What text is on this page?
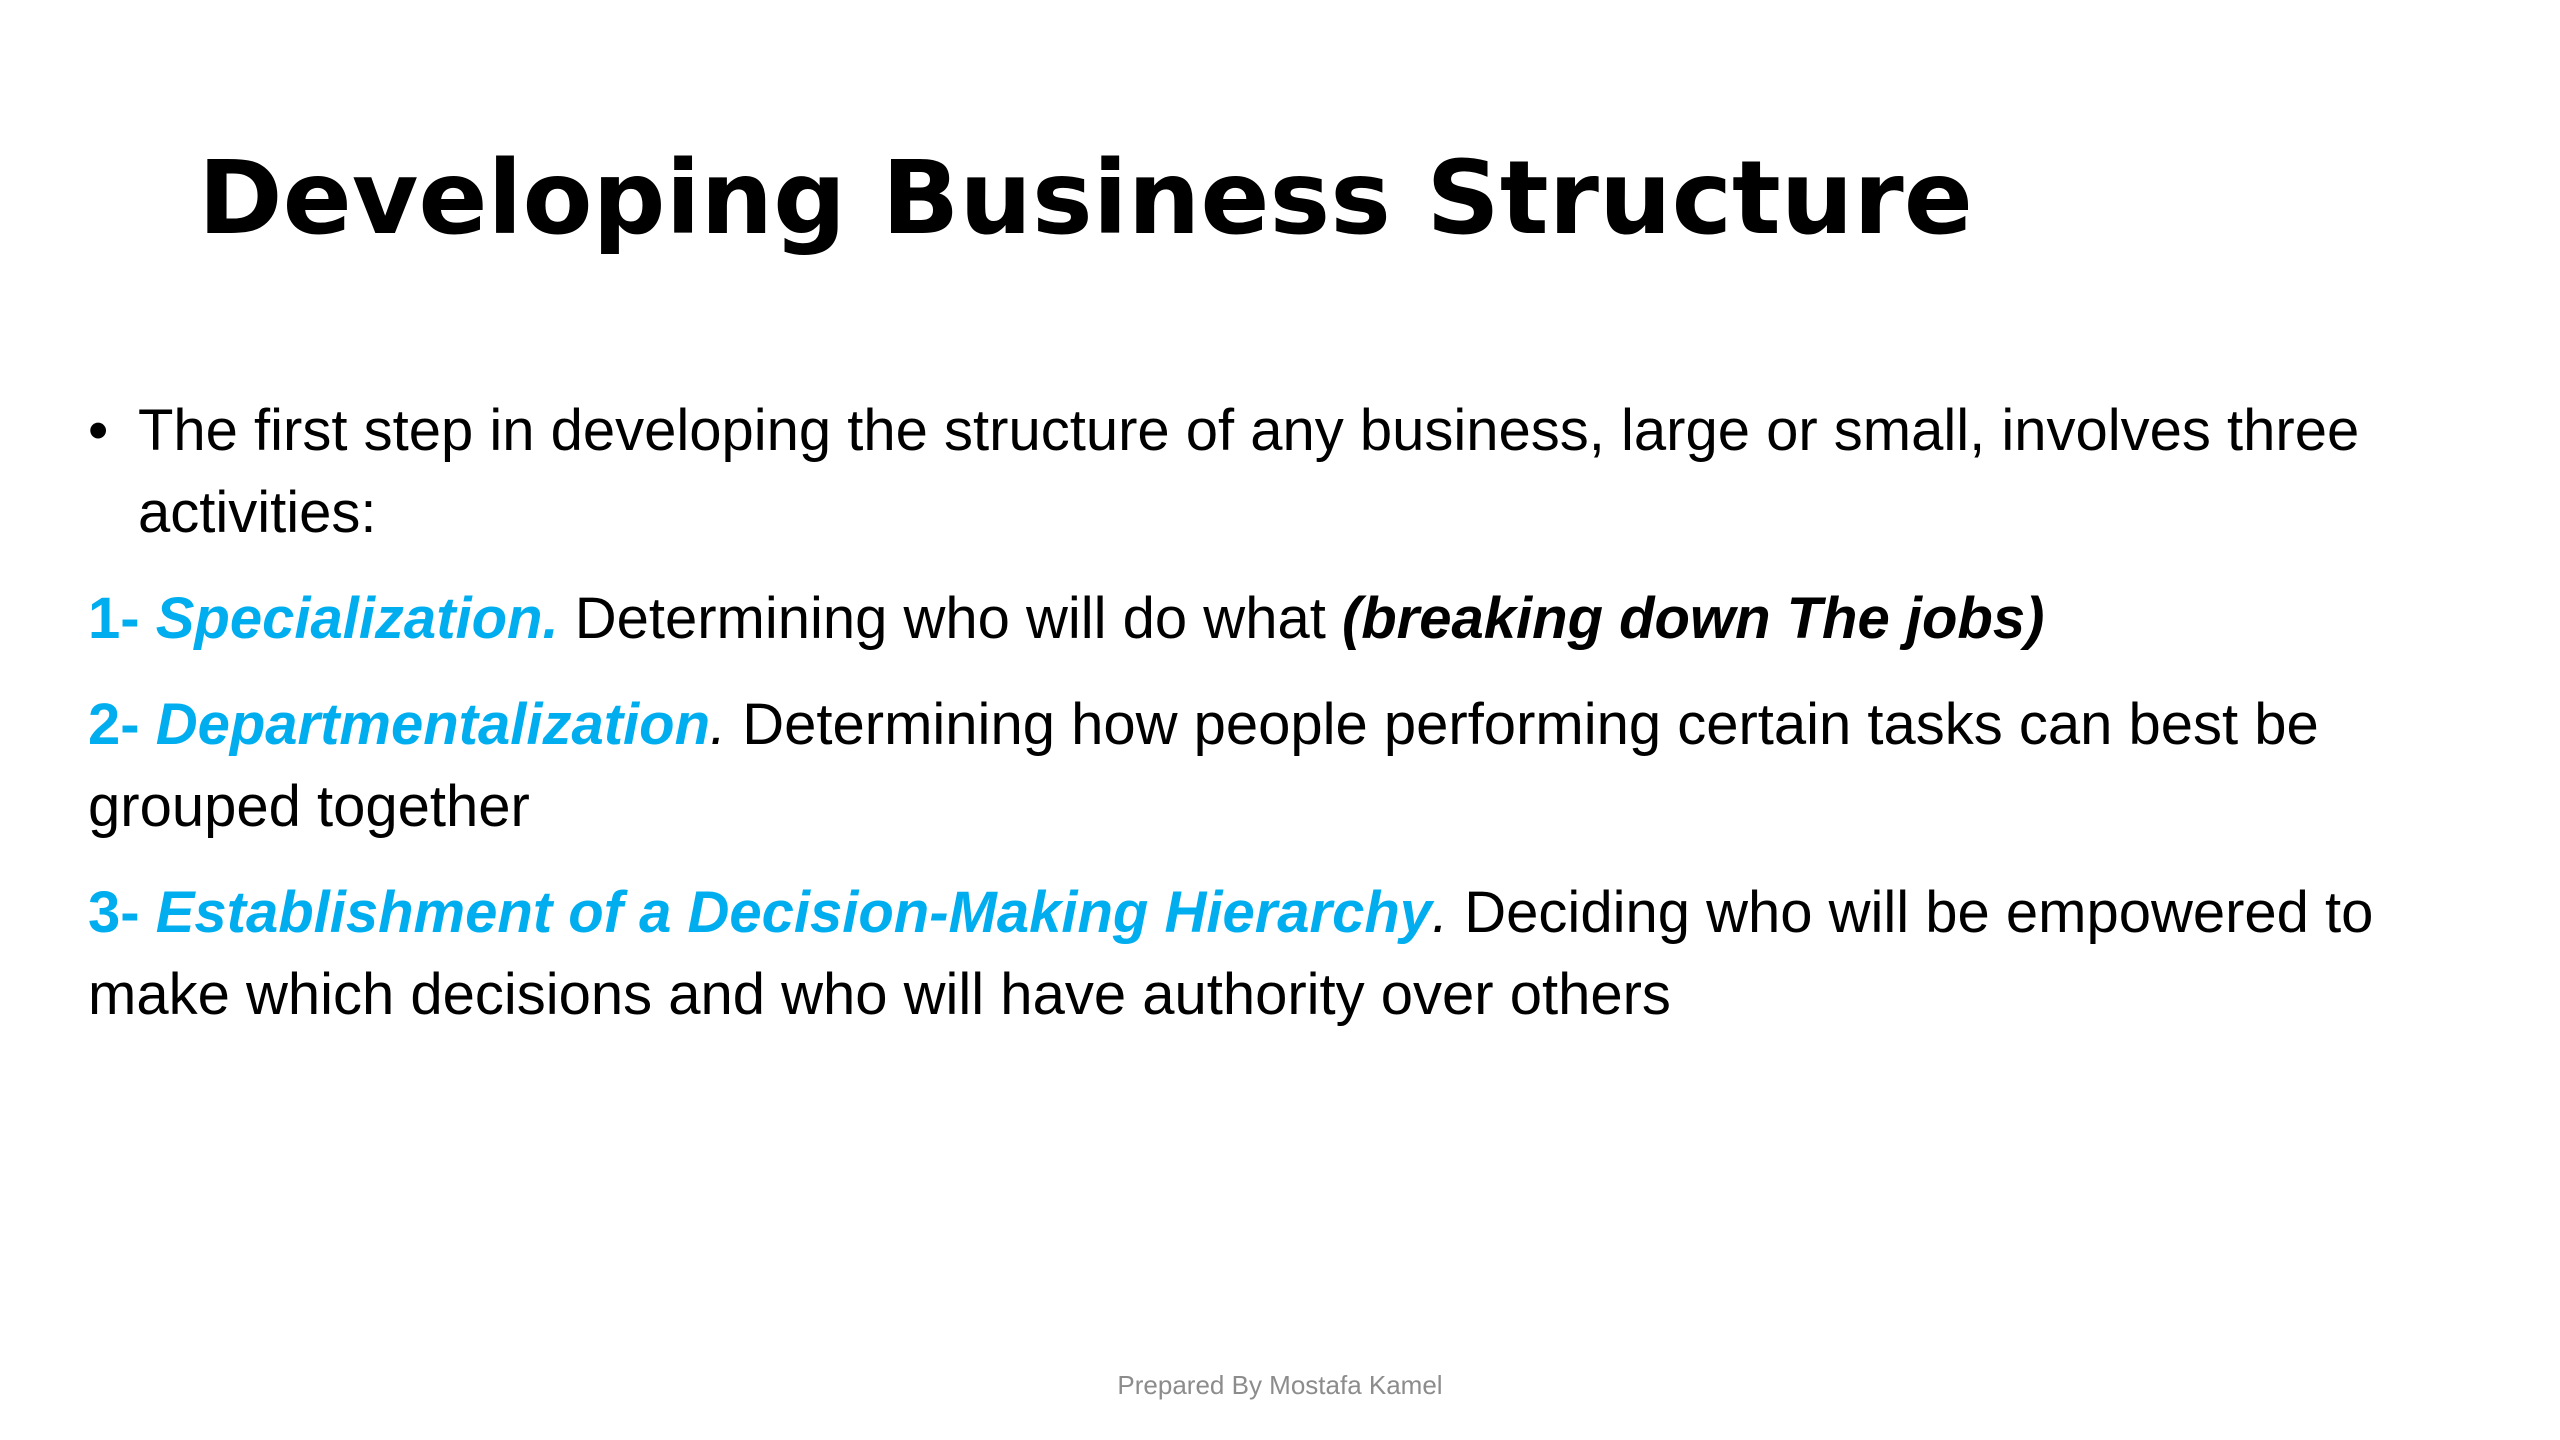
Developing Business Structure
• The first step in developing the structure of any business, large or small, involves three activities:
1- Specialization. Determining who will do what (breaking down The jobs)
2- Departmentalization. Determining how people performing certain tasks can best be grouped together
3- Establishment of a Decision-Making Hierarchy. Deciding who will be empowered to make which decisions and who will have authority over others
Prepared By Mostafa Kamel
